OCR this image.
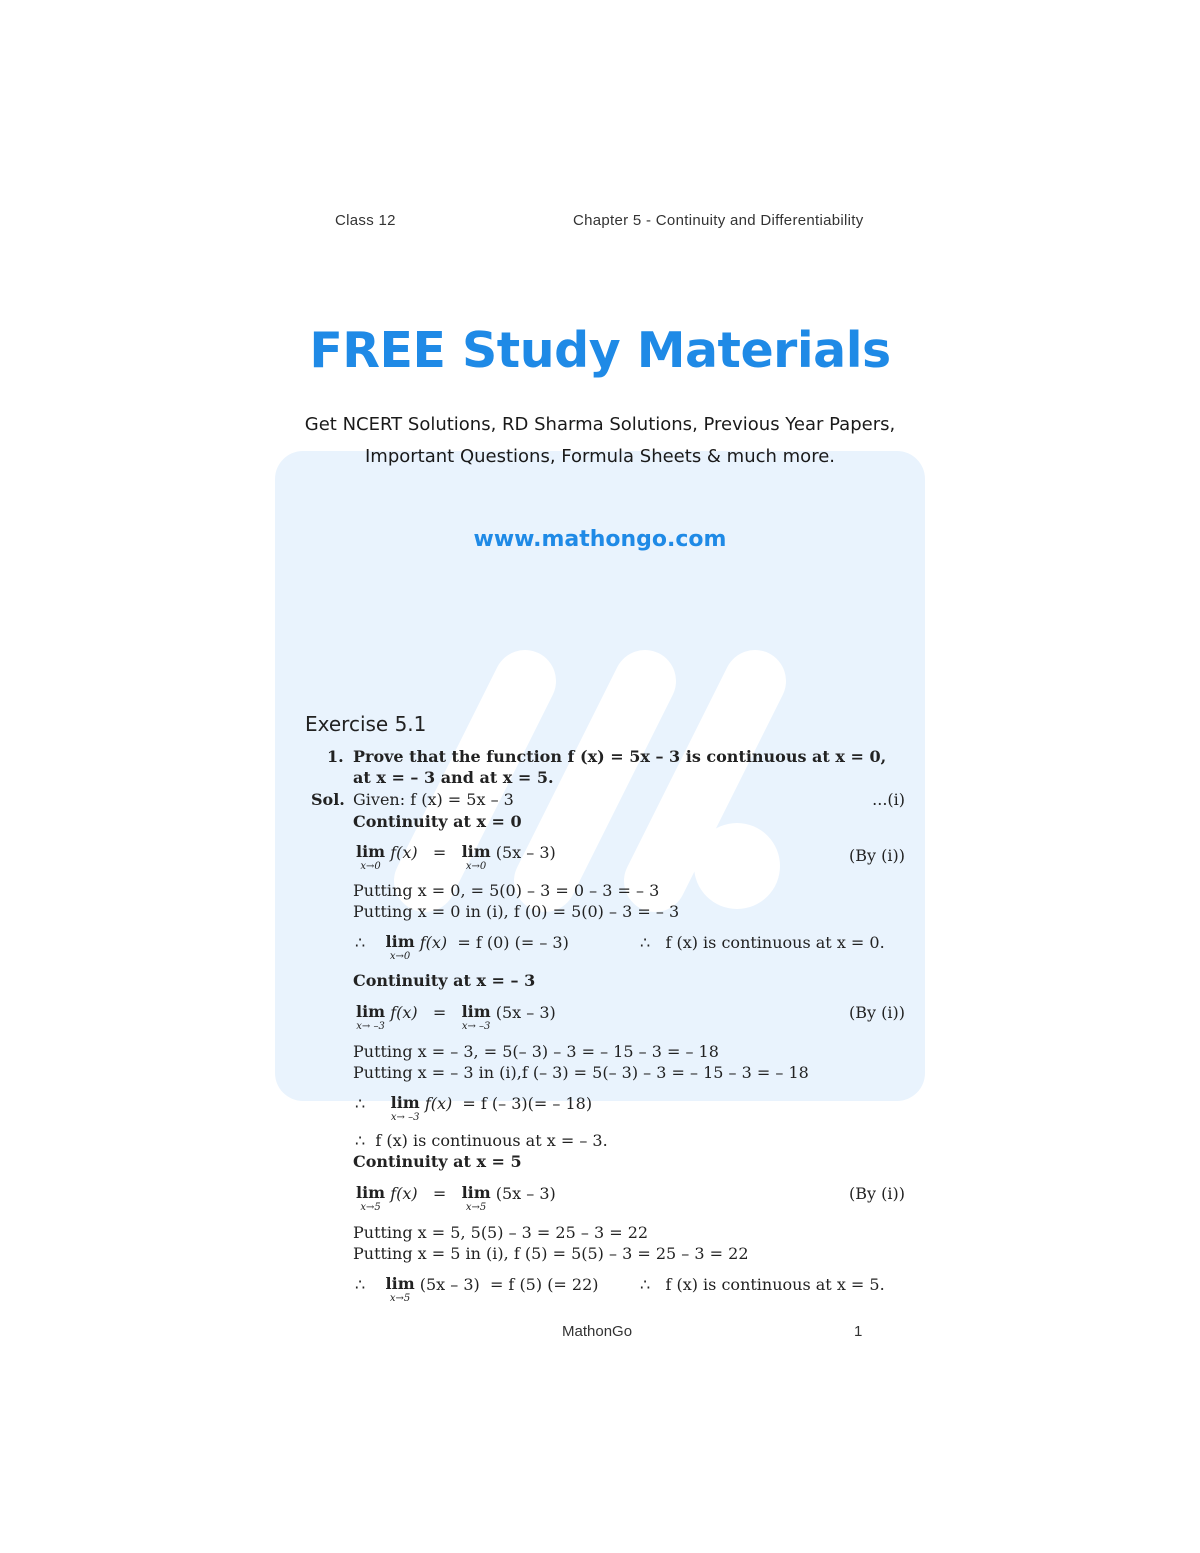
Class 12	Chapter 5 - Continuity and Differentiability
FREE Study Materials
Get NCERT Solutions, RD Sharma Solutions, Previous Year Papers,
Important Questions, Formula Sheets & much more.
www.mathongo.com
Exercise 5.1
1. Prove that the function f (x) = 5x – 3 is continuous at x = 0,
at x = – 3 and at x = 5.
Sol. Given: f (x) = 5x – 3	...(i)
Continuity at x = 0
lim
x→0
f(x) = lim
x→0
(5x – 3)	(By (i))
Putting x = 0, = 5(0) – 3 = 0 – 3 = – 3
Putting x = 0 in (i), f (0) = 5(0) – 3 = – 3
∴ lim
x→0
f(x) = f (0) (= – 3)	∴ f (x) is continuous at x = 0.
Continuity at x = – 3
lim
x→ –3
f(x) = lim
x→ –3
(5x – 3)	(By (i))
Putting x = – 3, = 5(– 3) – 3 = – 15 – 3 = – 18
Putting x = – 3 in (i),f (– 3) = 5(– 3) – 3 = – 15 – 3 = – 18
∴ lim
x→ –3
f(x) = f (– 3)(= – 18)
∴ f (x) is continuous at x = – 3.
Continuity at x = 5
lim
x→5
f(x) = lim
x→5
(5x – 3)	(By (i))
Putting x = 5, 5(5) – 3 = 25 – 3 = 22
Putting x = 5 in (i), f (5) = 5(5) – 3 = 25 – 3 = 22
∴ lim
x→5
(5x – 3) = f (5) (= 22)	∴ f (x) is continuous at x = 5.
MathonGo	1
